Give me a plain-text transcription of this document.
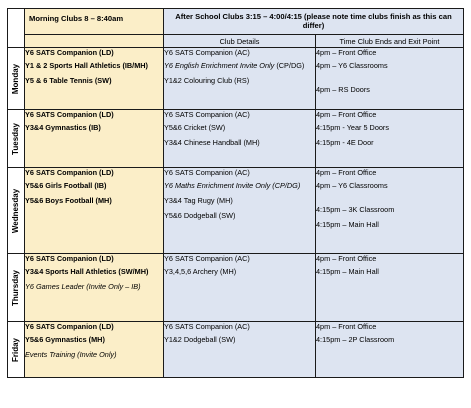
	Morning Clubs 8 – 8:40am	After School Clubs 3:15 – 4:00/4:15 (please note time clubs finish as this can differ)	
		Club Details	Time Club Ends and Exit Point

Monday	Y6 SATS Companion (LD)
Y1 & 2 Sports Hall Athletics (IB/MH)
Y5 & 6 Table Tennis (SW)	Y6 SATS Companion (AC)
Y6 English Enrichment Invite Only (CP/DG)
Y1&2 Colouring Club (RS)	4pm – Front Office
4pm – Y6 Classrooms
4pm – RS Doors

Tuesday	Y6 SATS Companion (LD)
Y3&4 Gymnastics (IB)	Y6 SATS Companion (AC)
Y5&6 Cricket (SW)
Y3&4 Chinese Handball (MH)	4pm – Front Office
4:15pm - Year 5 Doors
4:15pm - 4E Door

Wednesday	Y6 SATS Companion (LD)
Y5&6 Girls Football (IB)
Y5&6 Boys Football (MH)	Y6 SATS Companion (AC)
Y6 Maths Enrichment Invite Only (CP/DG)
Y3&4 Tag Rugy (MH)
Y5&6 Dodgeball (SW)	4pm – Front Office
4pm – Y6 Classrooms
4:15pm – 3K Classroom
4:15pm – Main Hall

Thursday	Y6 SATS Companion (LD)
Y3&4 Sports Hall Athletics (SW/MH)
Y6 Games Leader (Invite Only – IB)	Y6 SATS Companion (AC)
Y3,4,5,6 Archery (MH)	4pm – Front Office
4:15pm – Main Hall

Friday	Y6 SATS Companion (LD)
Y5&6 Gymnastics (MH)
Events Training (Invite Only)	Y6 SATS Companion (AC)
Y1&2 Dodgeball (SW)	4pm – Front Office
4:15pm – 2P Classroom
